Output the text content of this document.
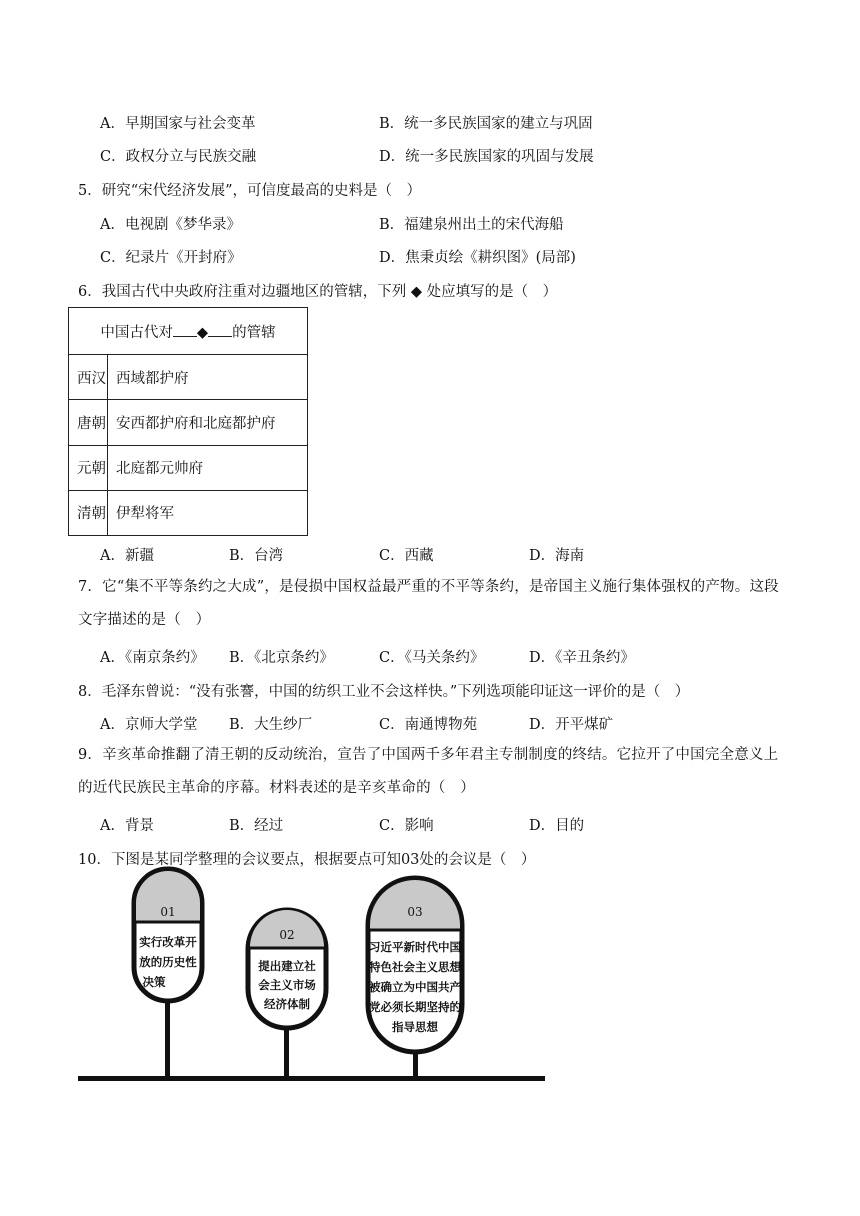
A．早期国家与社会变革	B．统一多民族国家的建立与巩固
C．政权分立与民族交融	D．统一多民族国家的巩固与发展
5．研究“宋代经济发展”，可信度最高的史料是（　）
A．电视剧《梦华录》	B．福建泉州出土的宋代海船
C．纪录片《开封府》	D．焦秉贞绘《耕织图》(局部)
6．我国古代中央政府注重对边疆地区的管辖，下列 ◆ 处应填写的是（　）
中国古代对 ◆ 的管辖	
西汉	西域都护府
唐朝	安西都护府和北庭都护府
元朝	北庭都元帅府
清朝	伊犁将军
A．新疆	B．台湾	C．西藏	D．海南
7．它“集不平等条约之大成”，是侵损中国权益最严重的不平等条约，是帝国主义施行集体强权的产物。这段文字描述的是（　）
A．《南京条约》 B．《北京条约》	C．《马关条约》	D．《辛丑条约》
8．毛泽东曾说：“没有张謇，中国的纺织工业不会这样快。”下列选项能印证这一评价的是（　）
A．京师大学堂 B．大生纱厂	C．南通博物苑	D．开平煤矿
9．辛亥革命推翻了清王朝的反动统治，宣告了中国两千多年君主专制制度的终结。它拉开了中国完全意义上的近代民族民主革命的序幕。材料表述的是辛亥革命的（　）
A．背景	B．经过	C．影响	D．目的
10．下图是某同学整理的会议要点，根据要点可知03处的会议是（　）
01
实行改革开
放的历史性
决策
02
提出建立社
会主义市场
经济体制
03
习近平新时代中国
特色社会主义思想
被确立为中国共产
党必须长期坚持的
指导思想
